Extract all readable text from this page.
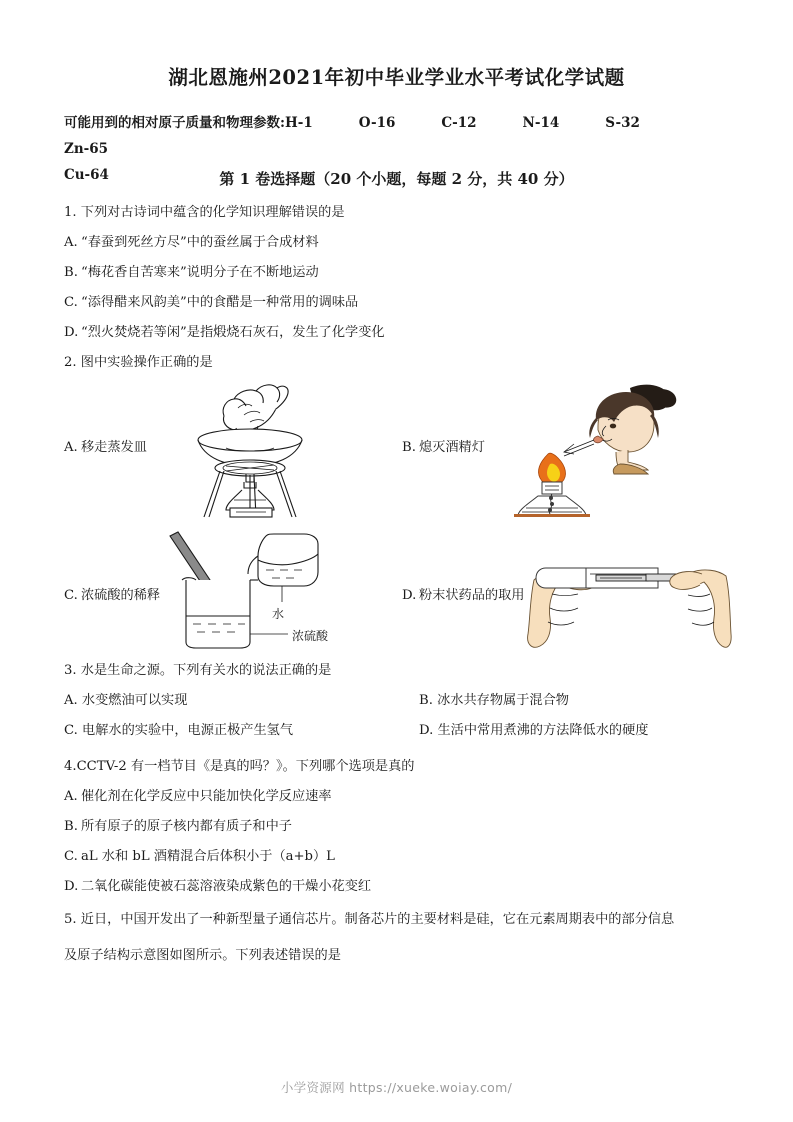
湖北恩施州2021年初中毕业学业水平考试化学试题
可能用到的相对原子质量和物理参数:H-1	O-16	C-12	N-14	S-32Zn-65
Cu-64	第 1 卷选择题（20 个小题，每题 2 分，共 40 分）
1. 下列对古诗词中蕴含的化学知识理解错误的是
A. “春蚕到死丝方尽”中的蚕丝属于合成材料
B. “梅花香自苦寒来”说明分子在不断地运动
C. “添得醋来风韵美”中的食醋是一种常用的调味品
D. “烈火焚烧若等闲”是指煅烧石灰石，发生了化学变化
2. 图中实验操作正确的是
A. 移走蒸发皿	B. 熄灭酒精灯
C. 浓硫酸的稀释
水
浓硫酸
D. 粉末状药品的取用
3. 水是生命之源。下列有关水的说法正确的是
A. 水变燃油可以实现	B. 冰水共存物属于混合物
C. 电解水的实验中，电源正极产生氢气	D. 生活中常用煮沸的方法降低水的硬度
4.CCTV-2 有一档节目《是真的吗？》。下列哪个选项是真的
A. 催化剂在化学反应中只能加快化学反应速率
B. 所有原子的原子核内都有质子和中子
C. aL 水和 bL 酒精混合后体积小于（a+b）L
D. 二氧化碳能使被石蕊溶液染成紫色的干燥小花变红
5. 近日，中国开发出了一种新型量子通信芯片。制备芯片的主要材料是硅，它在元素周期表中的部分信息
及原子结构示意图如图所示。下列表述错误的是
小学资源网 https://xueke.woiay.com/
